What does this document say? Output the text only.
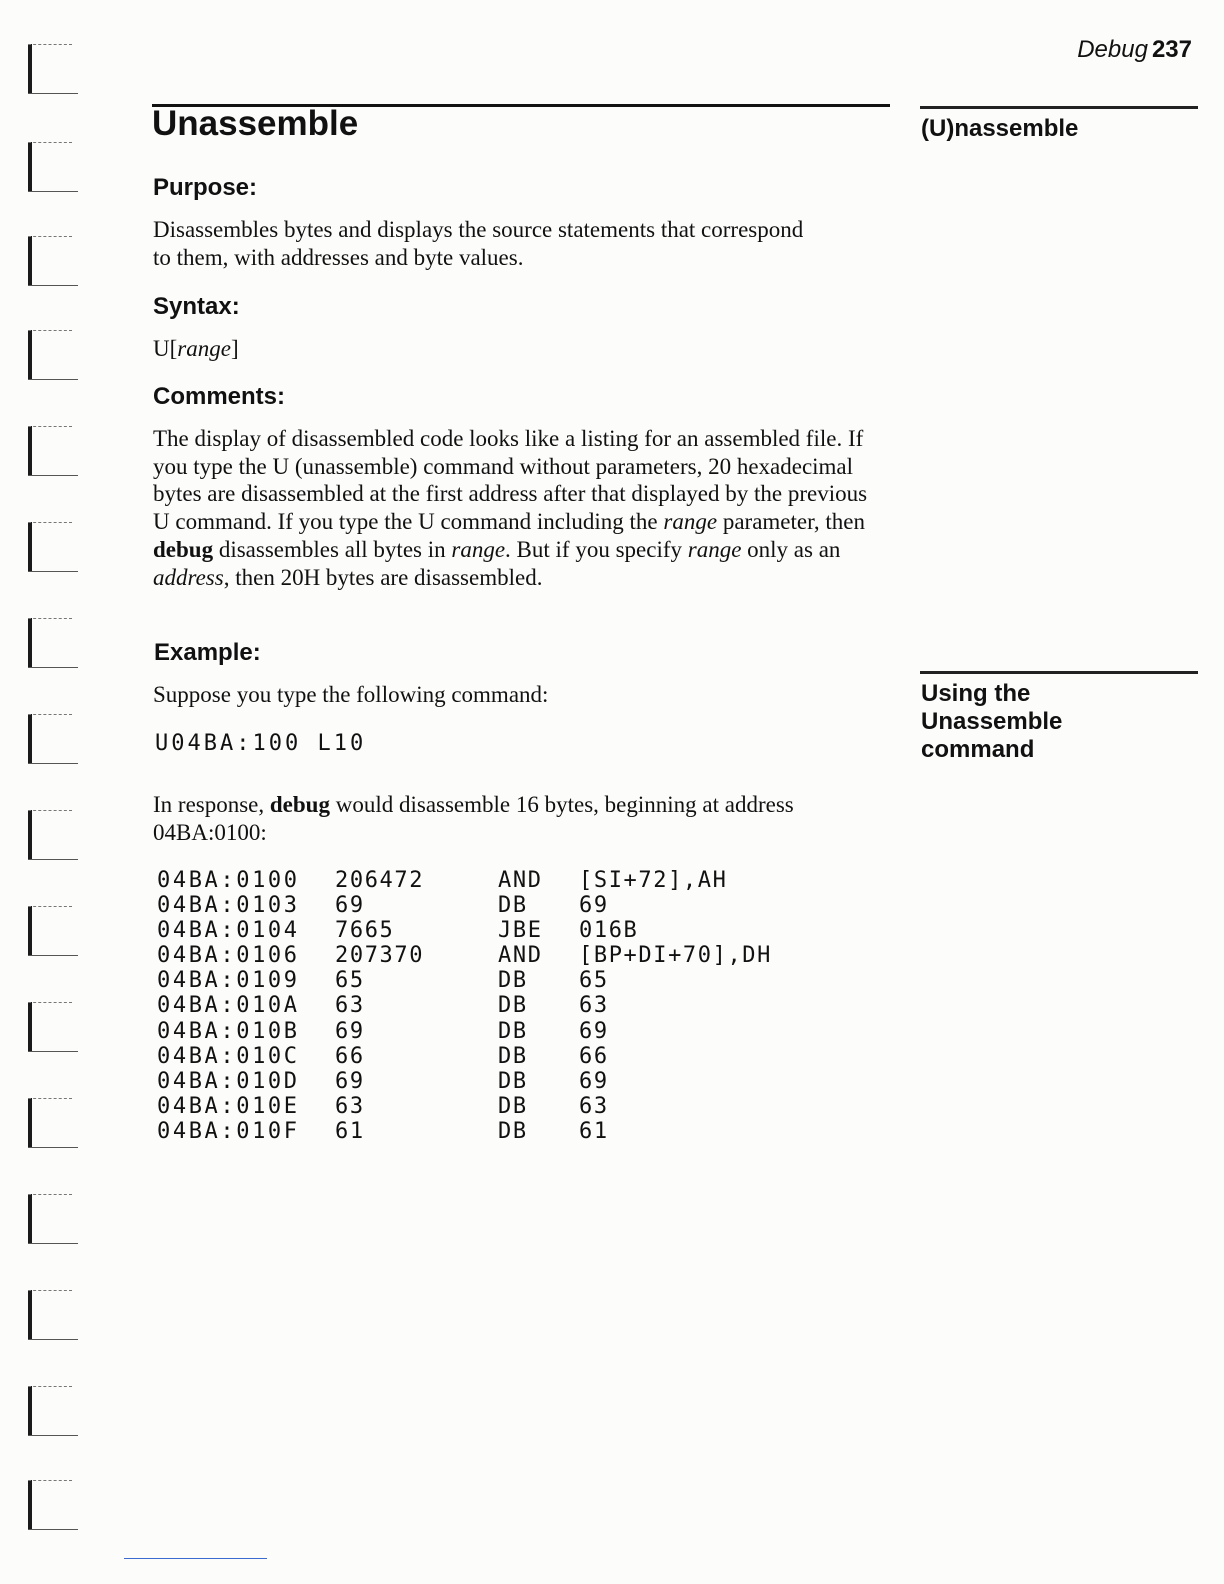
Debug 237
Unassemble	(U)nassemble
Purpose:

Disassembles bytes and displays the source statements that correspond to them, with addresses and byte values.

Syntax:

U[range]

Comments:

The display of disassembled code looks like a listing for an assembled file. If you type the U (unassemble) command without parameters, 20 hexadecimal bytes are disassembled at the first address after that displayed by the previous U command. If you type the U command including the range parameter, then debug disassembles all bytes in range. But if you specify range only as an address, then 20H bytes are disassembled.

Example:

Suppose you type the following command:	Using the
Unassemble
command
U04BA:100 L10

In response, debug would disassemble 16 bytes, beginning at address 04BA:0100:

04BA:0100 206472	AND [SI+72],AH
04BA:0103 69	DB 69
04BA:0104 7665	JBE 016B
04BA:0106 207370	AND [BP+DI+70],DH
04BA:0109 65	DB 65
04BA:010A 63	DB 63
04BA:010B 69	DB 69
04BA:010C 66	DB 66
04BA:010D 69	DB 69
04BA:010E 63	DB 63
04BA:010F 61	DB 61
